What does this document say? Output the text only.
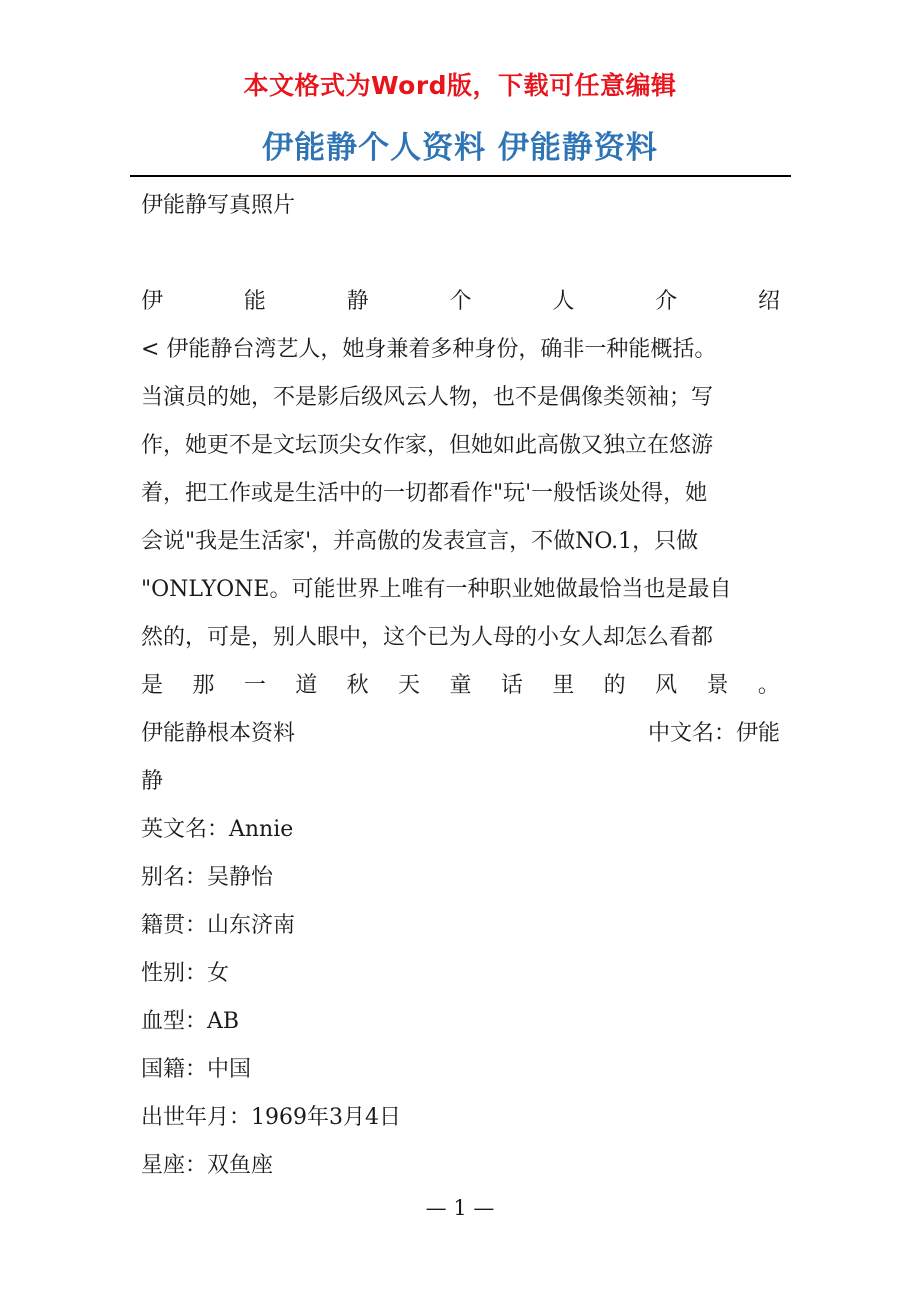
本文格式为Word版，下载可任意编辑
伊能静个人资料 伊能静资料
伊能静写真照片
伊	能	静	个	人	介	绍
< 伊能静台湾艺人，她身兼着多种身份，确非一种能概括。
当演员的她，不是影后级风云人物，也不是偶像类领袖；写
作，她更不是文坛顶尖女作家，但她如此高傲又独立在悠游
着，把工作或是生活中的一切都看作"玩'一般恬谈处得，她
会说"我是生活家'，并高傲的发表宣言，不做NO.1，只做
"ONLYONE。可能世界上唯有一种职业她做最恰当也是最自
然的，可是，别人眼中，这个已为人母的小女人却怎么看都
是 那 一 道 秋 天 童 话 里 的 风 景 。
伊能静根本资料	中文名：伊能
静
英文名：Annie
别名：吴静怡
籍贯：山东济南
性别：女
血型：AB
国籍：中国
出世年月：1969年3月4日
星座：双鱼座
— 1 —
